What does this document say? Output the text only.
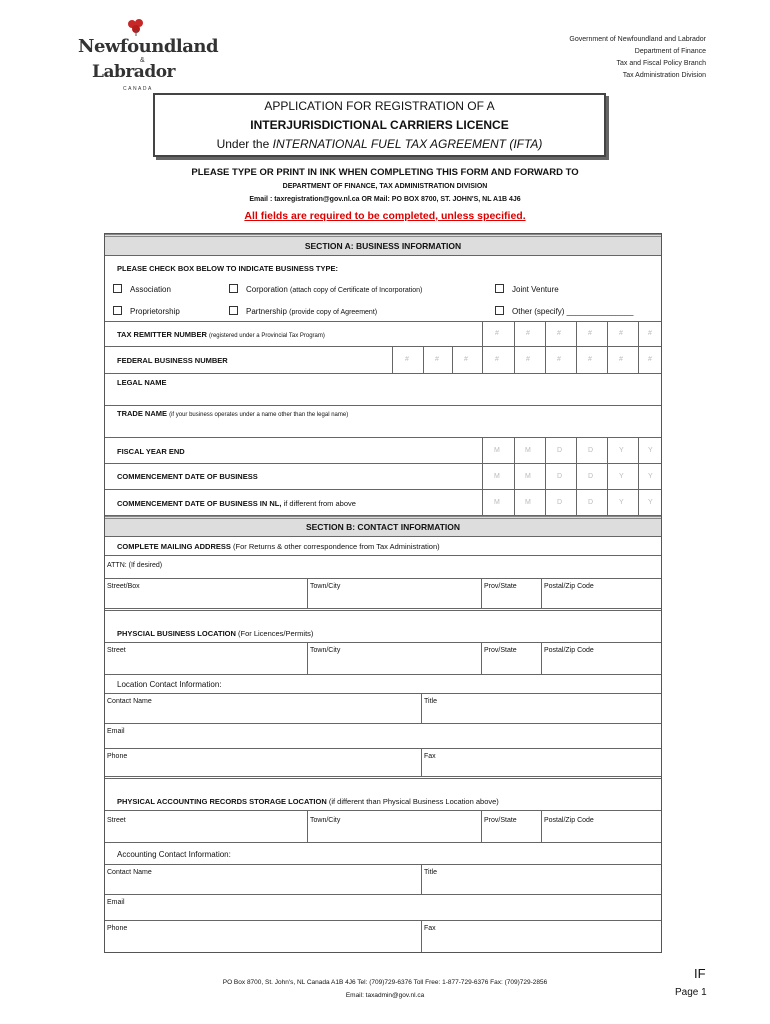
Newfoundland
&
Labrador
CANADA
Government of Newfoundland and Labrador
Department of Finance
Tax and Fiscal Policy Branch
Tax Administration Division
APPLICATION FOR REGISTRATION OF A
INTERJURISDICTIONAL CARRIERS LICENCE
Under the INTERNATIONAL FUEL TAX AGREEMENT (IFTA)
PLEASE TYPE OR PRINT IN INK WHEN COMPLETING THIS FORM AND FORWARD TO
DEPARTMENT OF FINANCE, TAX ADMINISTRATION DIVISION
Email : taxregistration@gov.nl.ca OR Mail: PO BOX 8700, ST. JOHN'S, NL A1B 4J6
All fields are required to be completed, unless specified.
SECTION A: BUSINESS INFORMATION
PLEASE CHECK BOX BELOW TO INDICATE BUSINESS TYPE:
Association	Corporation (attach copy of Certificate of Incorporation)	Joint Venture
Proprietorship	Partnership (provide copy of Agreement)	Other (specify) _______________
TAX REMITTER NUMBER (registered under a Provincial Tax Program)	#	#	#	#	#	#
FEDERAL BUSINESS NUMBER	#	#	#	#	#	#	#	#	#
LEGAL NAME
TRADE NAME (if your business operates under a name other than the legal name)
FISCAL YEAR END	M	M	D	D	Y	Y
COMMENCEMENT DATE OF BUSINESS	M	M	D	D	Y	Y
COMMENCEMENT DATE OF BUSINESS IN NL, if different from above	M	M	D	D	Y	Y
SECTION B: CONTACT INFORMATION
COMPLETE MAILING ADDRESS (For Returns & other correspondence from Tax Administration)
ATTN: (If desired)
Street/Box	Town/City	Prov/State	Postal/Zip Code
PHYSCIAL BUSINESS LOCATION (For Licences/Permits)
Street	Town/City	Prov/State	Postal/Zip Code
Location Contact Information:
Contact Name	Title
Email
Phone	Fax
PHYSICAL ACCOUNTING RECORDS STORAGE LOCATION (if different than Physical Business Location above)
Street	Town/City	Prov/State	Postal/Zip Code
Accounting Contact Information:
Contact Name	Title
Email
Phone	Fax
PO Box 8700, St. John's, NL Canada A1B 4J6 Tel: (709)729-6376 Toll Free: 1-877-729-6376 Fax: (709)729-2856
Email: taxadmin@gov.nl.ca
IF
Page 1
